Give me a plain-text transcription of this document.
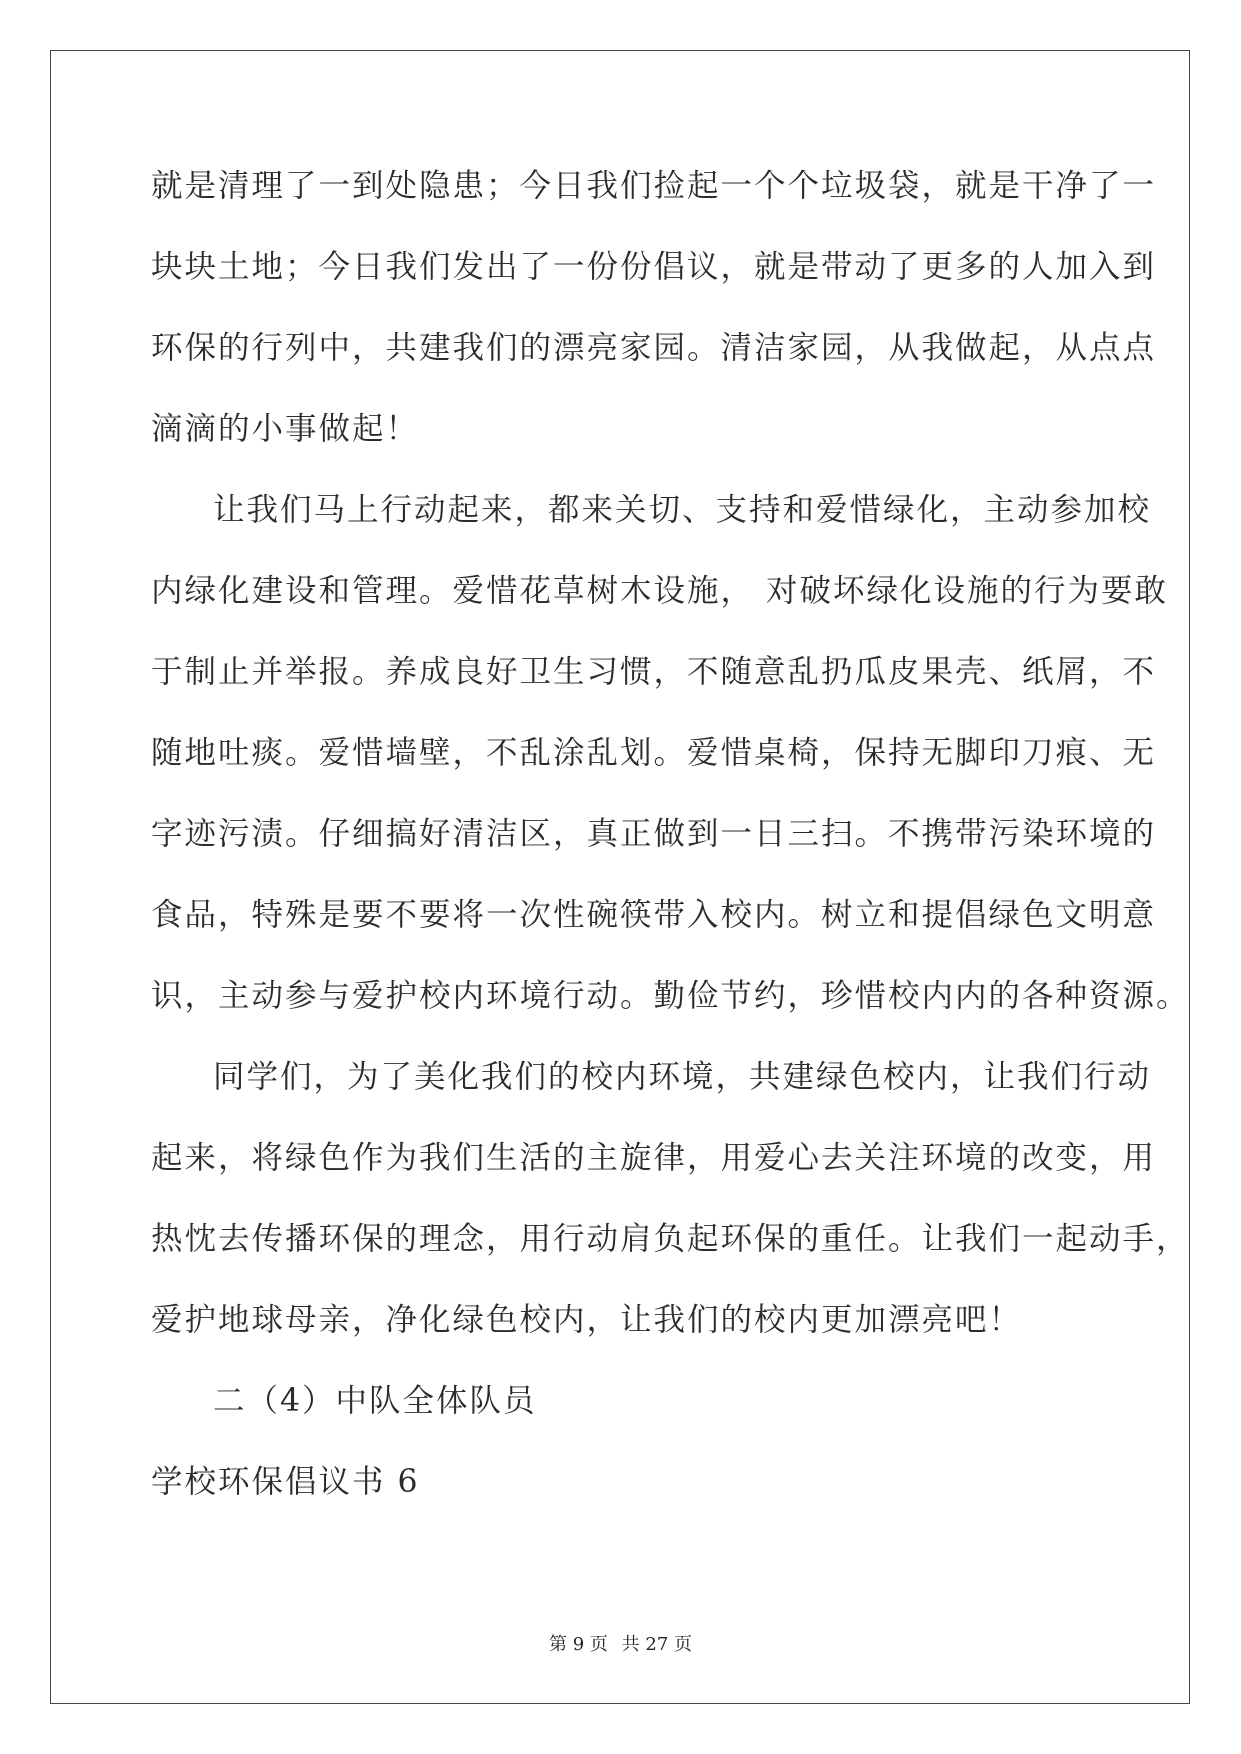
就是清理了一到处隐患；今日我们捡起一个个垃圾袋，就是干净了一
块块土地；今日我们发出了一份份倡议，就是带动了更多的人加入到
环保的行列中，共建我们的漂亮家园。清洁家园，从我做起，从点点
滴滴的小事做起！
让我们马上行动起来，都来关切、支持和爱惜绿化，主动参加校
内绿化建设和管理。爱惜花草树木设施， 对破坏绿化设施的行为要敢
于制止并举报。养成良好卫生习惯，不随意乱扔瓜皮果壳、纸屑，不
随地吐痰。爱惜墙壁，不乱涂乱划。爱惜桌椅，保持无脚印刀痕、无
字迹污渍。仔细搞好清洁区，真正做到一日三扫。不携带污染环境的
食品，特殊是要不要将一次性碗筷带入校内。树立和提倡绿色文明意
识，主动参与爱护校内环境行动。勤俭节约，珍惜校内内的各种资源。
同学们，为了美化我们的校内环境，共建绿色校内，让我们行动
起来，将绿色作为我们生活的主旋律，用爱心去关注环境的改变，用
热忱去传播环保的理念，用行动肩负起环保的重任。让我们一起动手，
爱护地球母亲，净化绿色校内，让我们的校内更加漂亮吧！
二（4）中队全体队员
学校环保倡议书 6
第 9 页 共 27 页
